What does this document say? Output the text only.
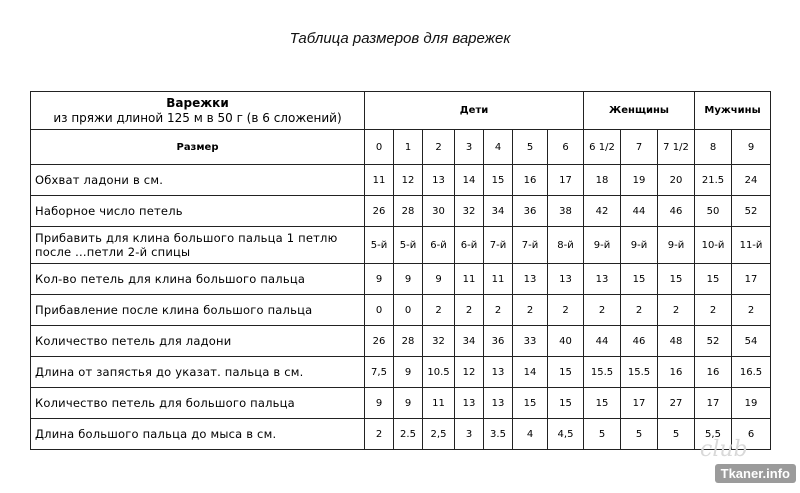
Таблица размеров для варежек
Варежки
из пряжи длиной 125 м в 50 г (в 6 сложений)	Дети							Женщины			Мужчины	
Размер	0	1	2	3	4	5	6	6 1/2	7	7 1/2	8	9
Обхват ладони в см.	11	12	13	14	15	16	17	18	19	20	21.5	24
Наборное число петель	26	28	30	32	34	36	38	42	44	46	50	52
Прибавить для клина большого пальца 1 петлю после ...петли 2-й спицы	5-й	5-й	6-й	6-й	7-й	7-й	8-й	9-й	9-й	9-й	10-й	11-й
Кол-во петель для клина большого пальца	9	9	9	11	11	13	13	13	15	15	15	17
Прибавление после клина большого пальца	0	0	2	2	2	2	2	2	2	2	2	2
Количество петель для ладони	26	28	32	34	36	33	40	44	46	48	52	54
Длина от запястья до указат. пальца в см.	7,5	9	10.5	12	13	14	15	15.5	15.5	16	16	16.5
Количество петель для большого пальца	9	9	11	13	13	15	15	15	17	27	17	19
Длина большого пальца до мыса в см.	2	2.5	2,5	3	3.5	4	4,5	5	5	5	5,5	6
club
Tkaner.info
